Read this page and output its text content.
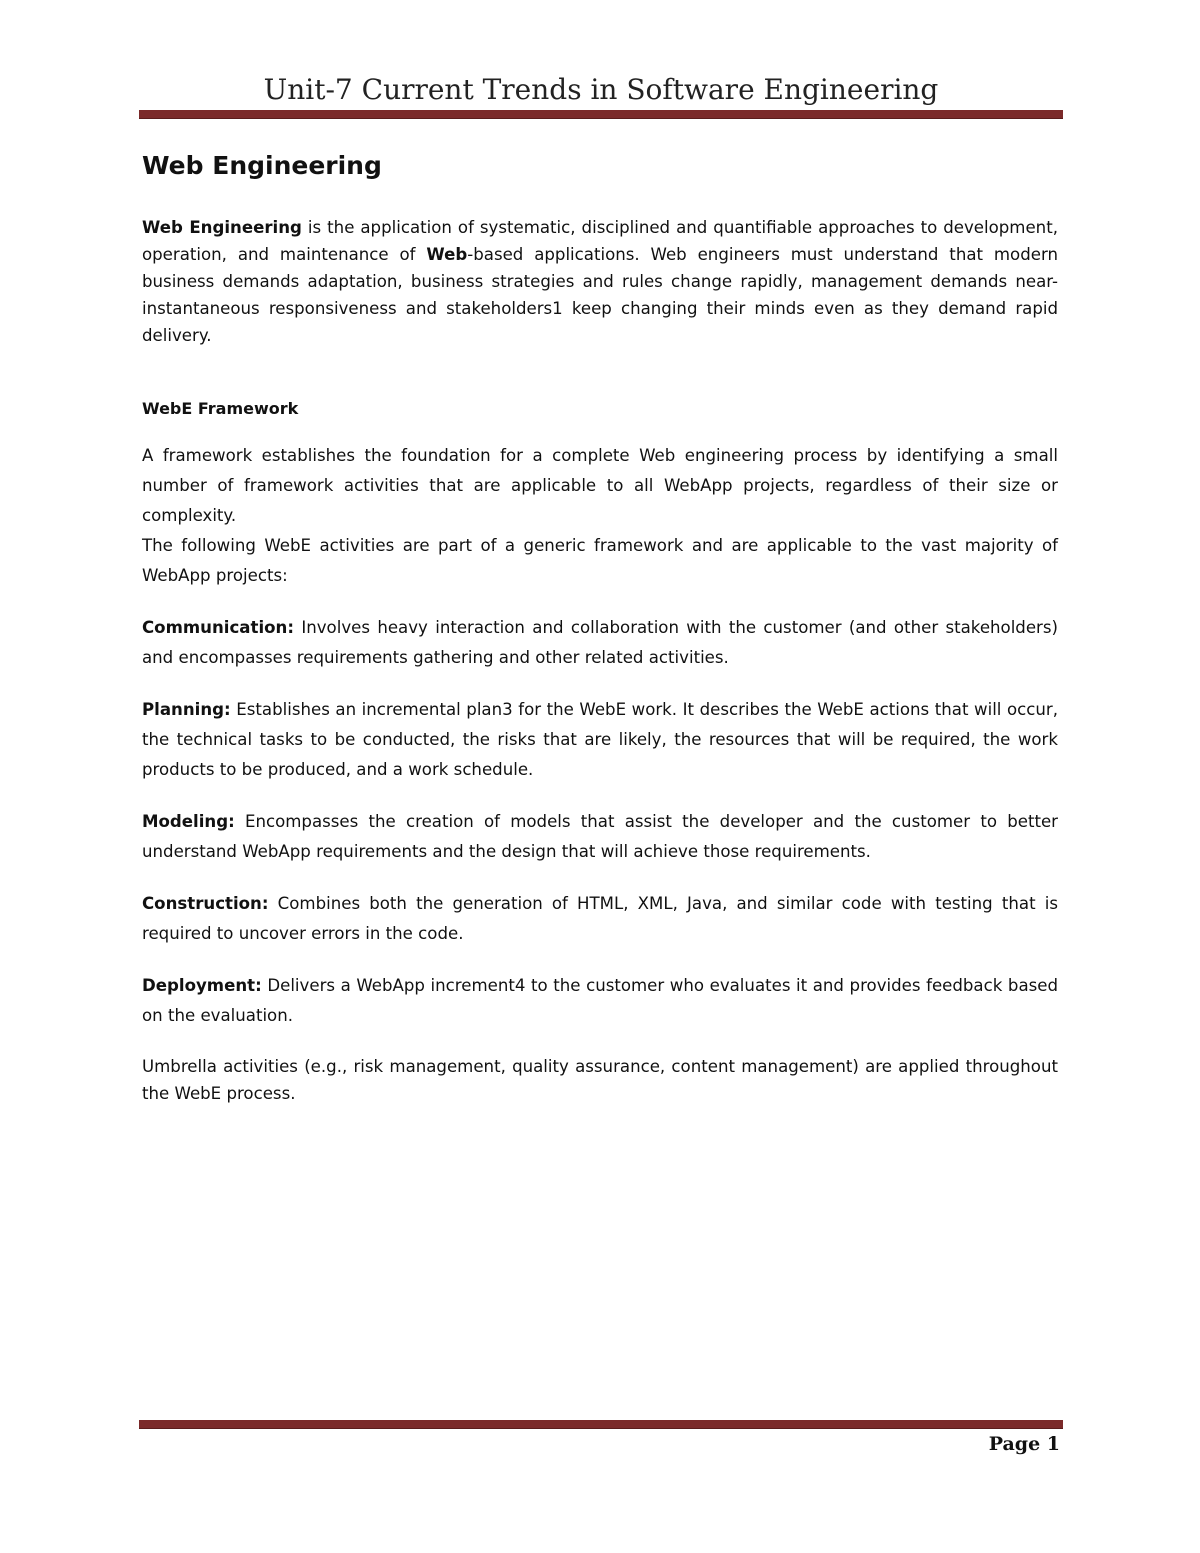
Unit-7 Current Trends in Software Engineering
Web Engineering

Web Engineering is the application of systematic, disciplined and quantifiable approaches to development, operation, and maintenance of Web-based applications. Web engineers must understand that modern business demands adaptation, business strategies and rules change rapidly, management demands near-instantaneous responsiveness and stakeholders1 keep changing their minds even as they demand rapid delivery.

WebE Framework

A framework establishes the foundation for a complete Web engineering process by identifying a small number of framework activities that are applicable to all WebApp projects, regardless of their size or complexity.

The following WebE activities are part of a generic framework and are applicable to the vast majority of WebApp projects:

Communication: Involves heavy interaction and collaboration with the customer (and other stakeholders) and encompasses requirements gathering and other related activities.

Planning: Establishes an incremental plan3 for the WebE work. It describes the WebE actions that will occur, the technical tasks to be conducted, the risks that are likely, the resources that will be required, the work products to be produced, and a work schedule.

Modeling: Encompasses the creation of models that assist the developer and the customer to better understand WebApp requirements and the design that will achieve those requirements.

Construction: Combines both the generation of HTML, XML, Java, and similar code with testing that is required to uncover errors in the code.

Deployment: Delivers a WebApp increment4 to the customer who evaluates it and provides feedback based on the evaluation.

Umbrella activities (e.g., risk management, quality assurance, content management) are applied throughout the WebE process.

Page 1
